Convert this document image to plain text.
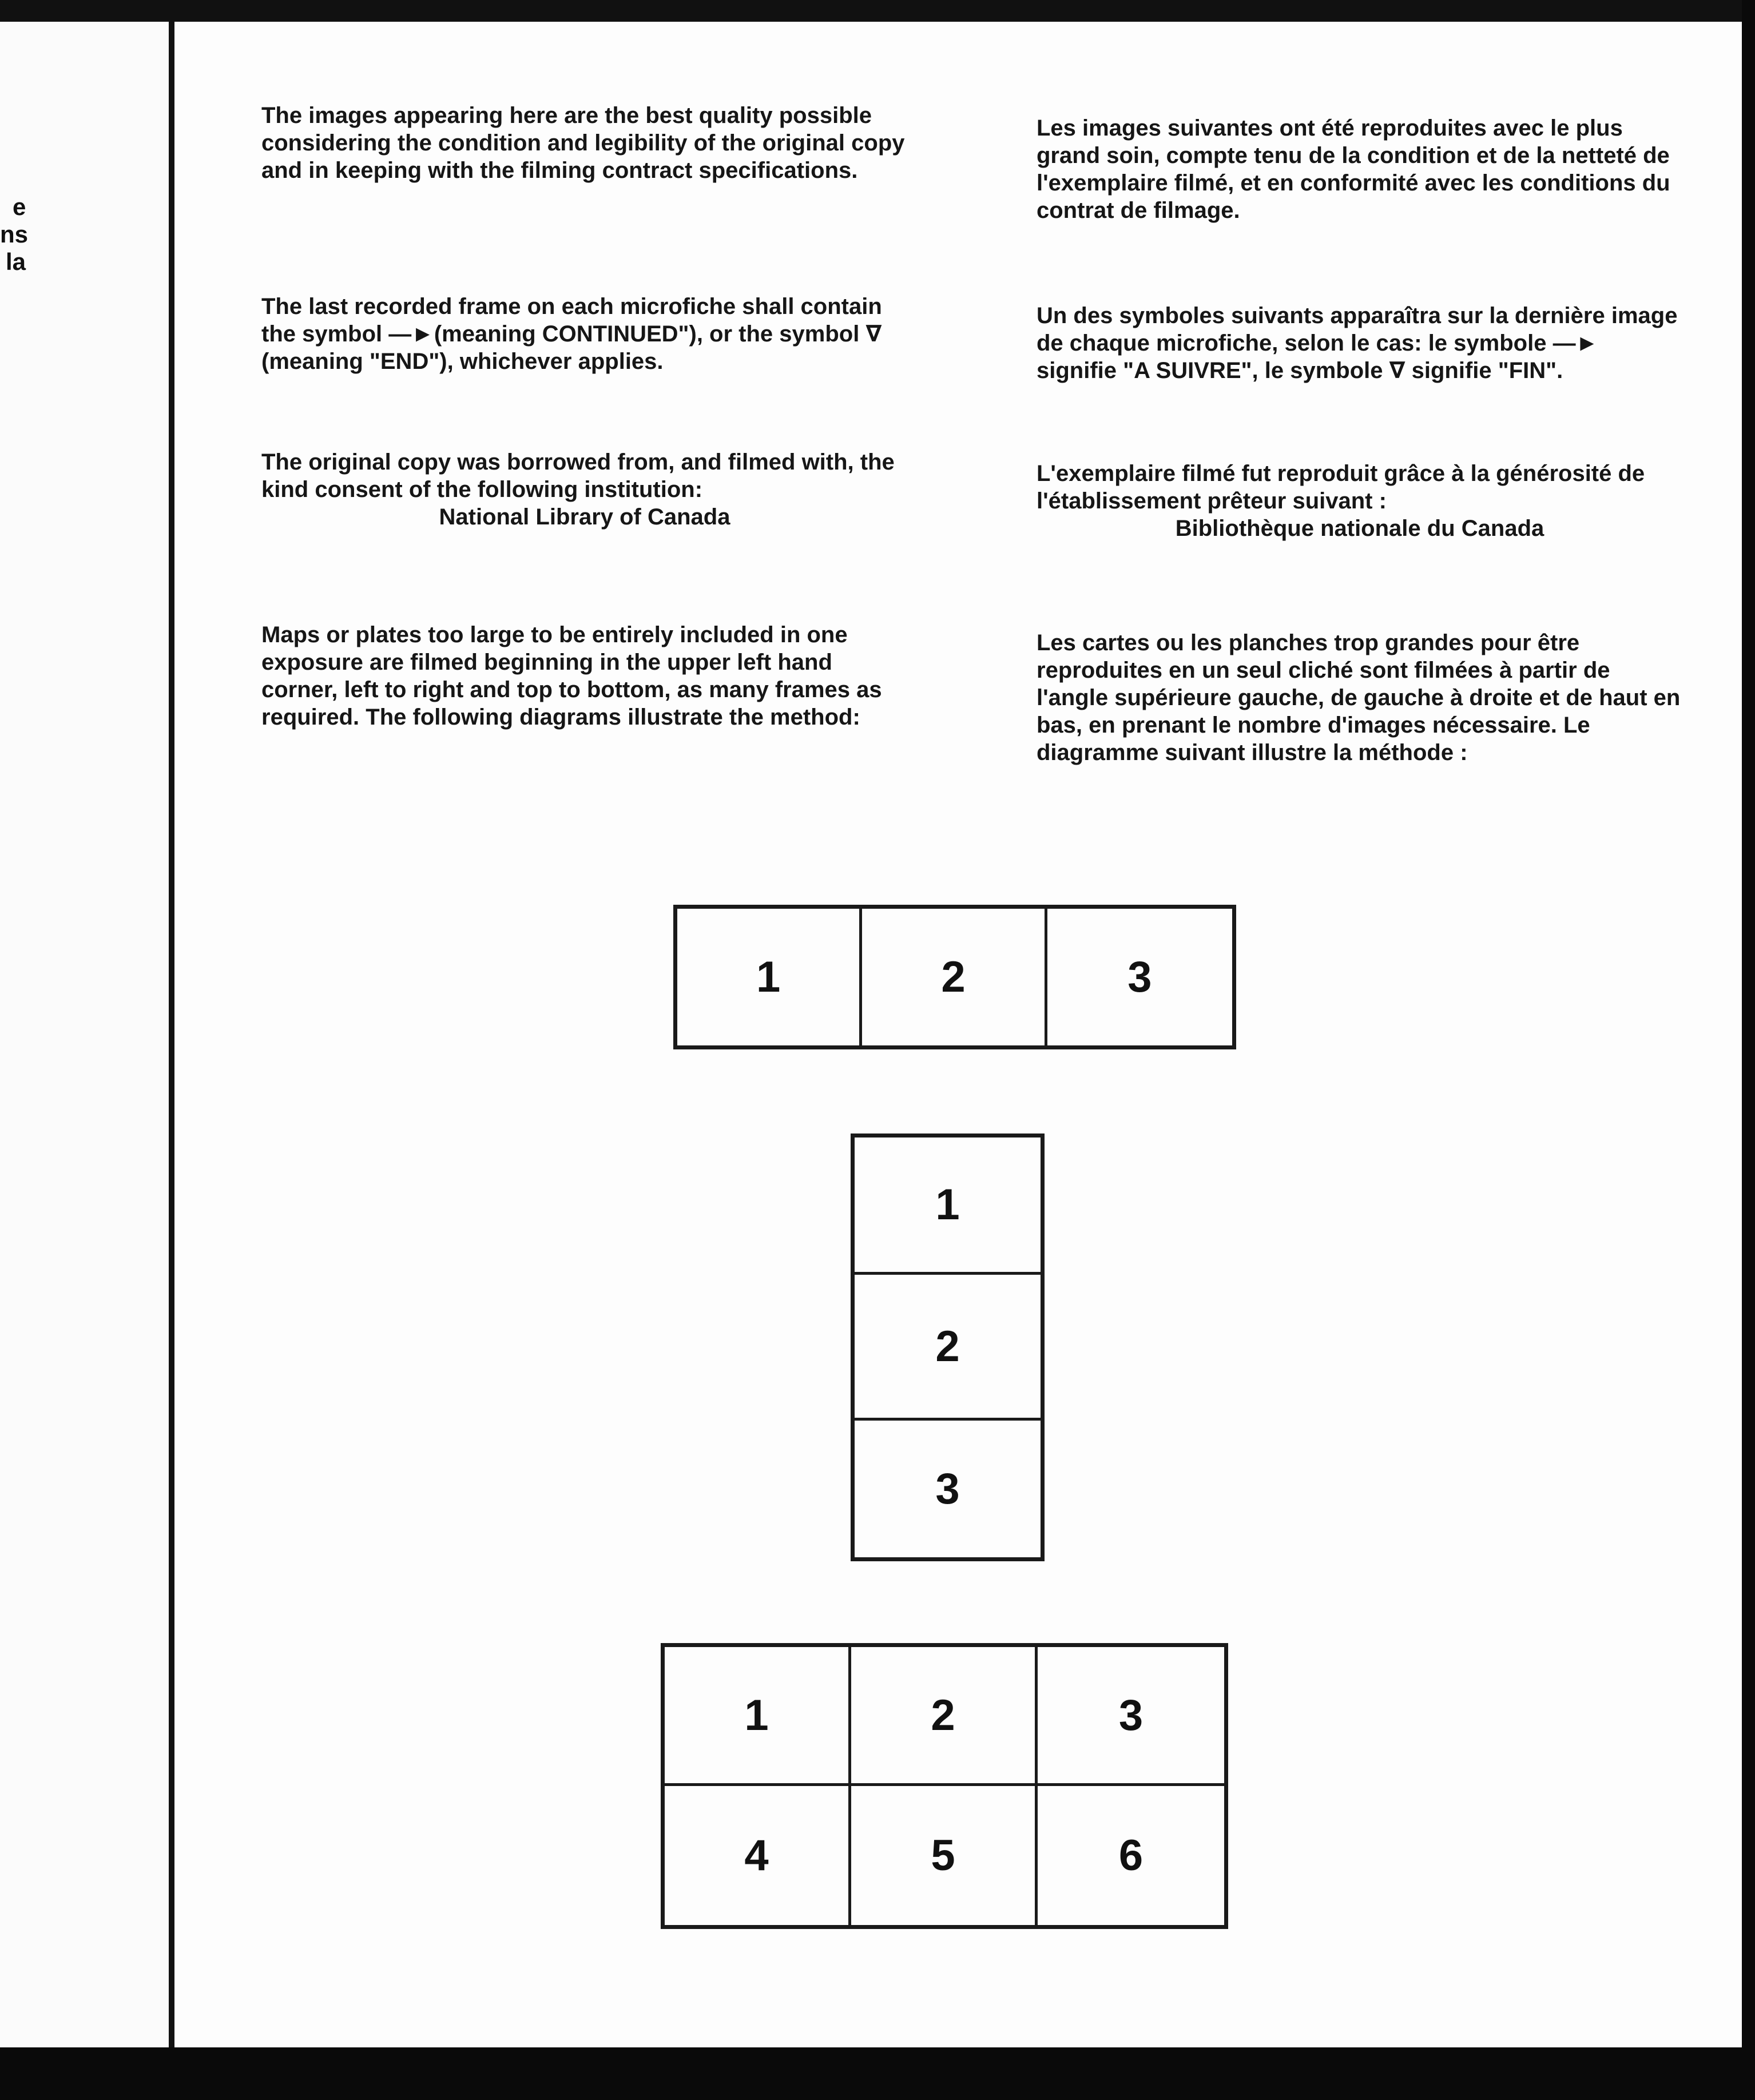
e
ns
la

The images appearing here are the best quality possible considering the condition and legibility of the original copy and in keeping with the filming contract specifications.

The last recorded frame on each microfiche shall contain the symbol —►(meaning CONTINUED"), or the symbol ∇ (meaning "END"), whichever applies.

The original copy was borrowed from, and filmed with, the kind consent of the following institution:
National Library of Canada

Maps or plates too large to be entirely included in one exposure are filmed beginning in the upper left hand corner, left to right and top to bottom, as many frames as required. The following diagrams illustrate the method:

Les images suivantes ont été reproduites avec le plus grand soin, compte tenu de la condition et de la netteté de l'exemplaire filmé, et en conformité avec les conditions du contrat de filmage.

Un des symboles suivants apparaîtra sur la dernière image de chaque microfiche, selon le cas: le symbole —► signifie "A SUIVRE", le symbole ∇ signifie "FIN".

L'exemplaire filmé fut reproduit grâce à la générosité de l'établissement prêteur suivant :
Bibliothèque nationale du Canada

Les cartes ou les planches trop grandes pour être reproduites en un seul cliché sont filmées à partir de l'angle supérieure gauche, de gauche à droite et de haut en bas, en prenant le nombre d'images nécessaire. Le diagramme suivant illustre la méthode :

1	2	3
1
2
3
1	2	3
4	5	6
